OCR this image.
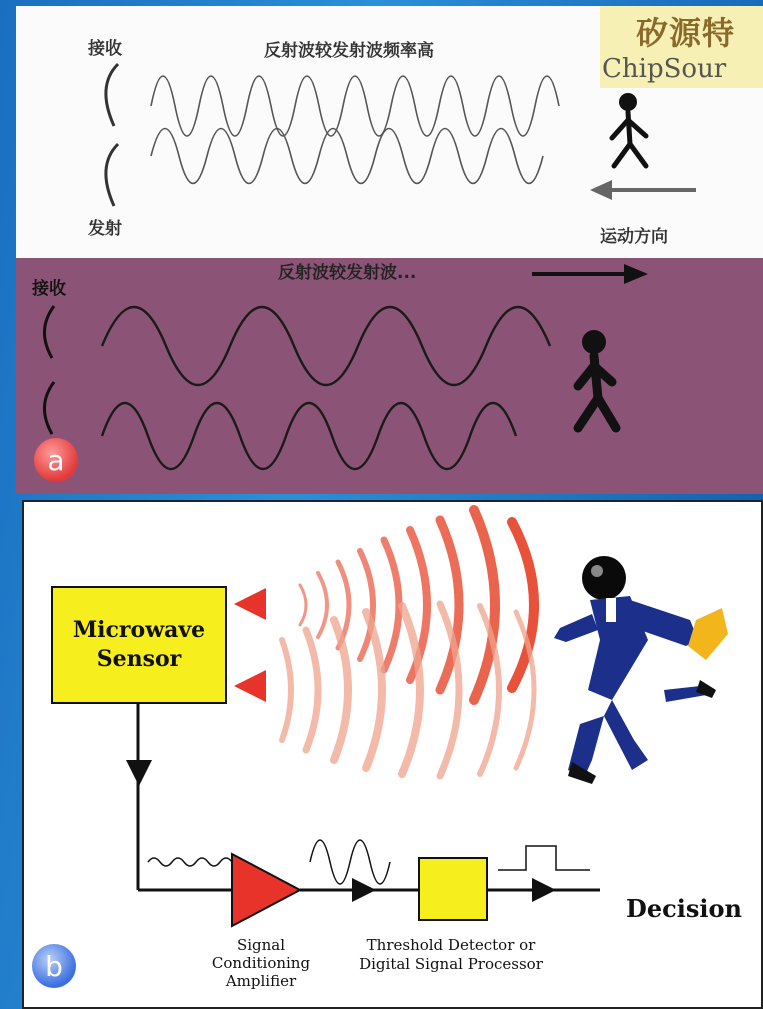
接收
发射
反射波较发射波频率高
运动方向
接收
反射波较发射波...
矽源特
ChipSour
a
Microwave
Sensor
Signal
Conditioning
Amplifier
Threshold Detector or
Digital Signal Processor
Decision
b
